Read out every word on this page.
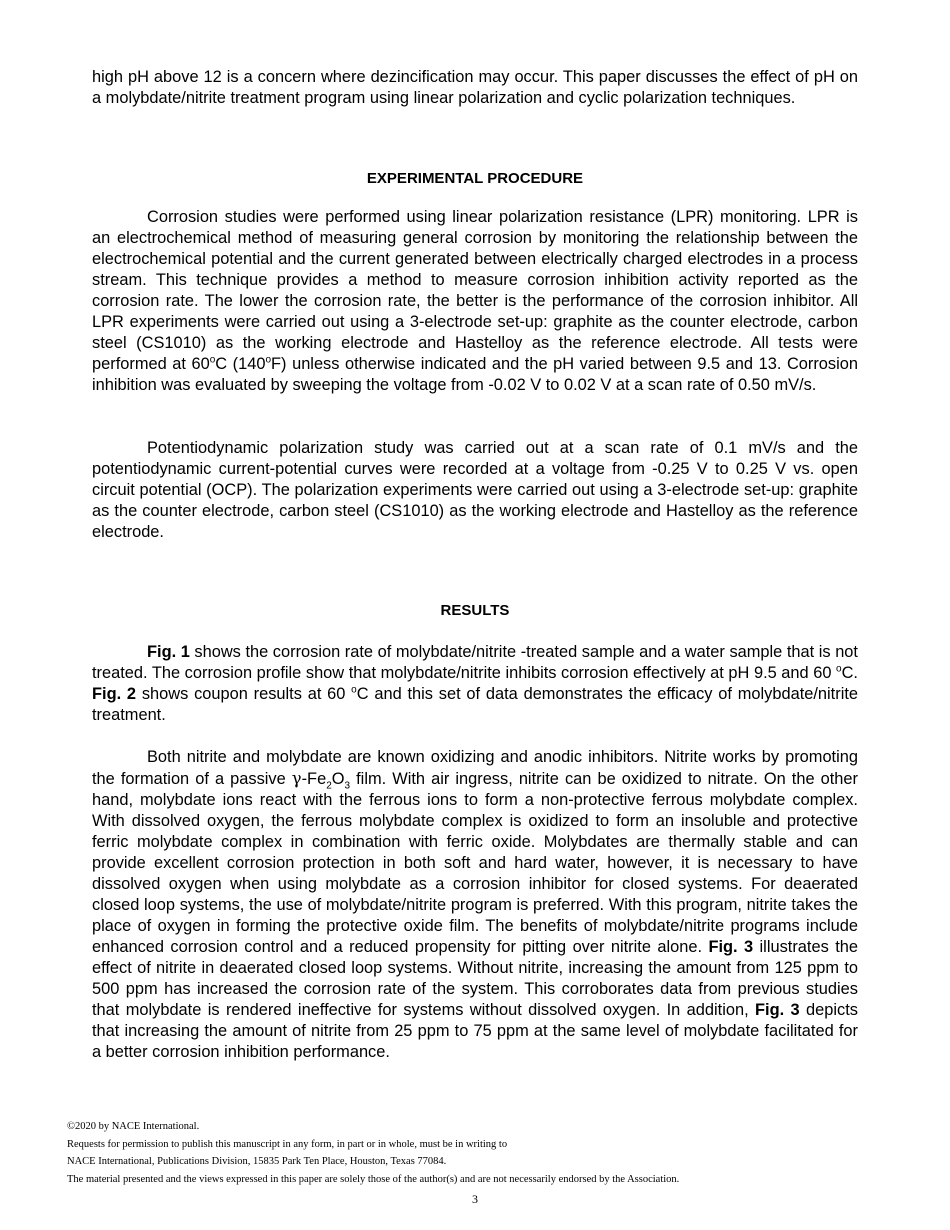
high pH above 12 is a concern where dezincification may occur. This paper discusses the effect of pH on a molybdate/nitrite treatment program using linear polarization and cyclic polarization techniques.

EXPERIMENTAL PROCEDURE

Corrosion studies were performed using linear polarization resistance (LPR) monitoring. LPR is an electrochemical method of measuring general corrosion by monitoring the relationship between the electrochemical potential and the current generated between electrically charged electrodes in a process stream. This technique provides a method to measure corrosion inhibition activity reported as the corrosion rate. The lower the corrosion rate, the better is the performance of the corrosion inhibitor. All LPR experiments were carried out using a 3-electrode set-up: graphite as the counter electrode, carbon steel (CS1010) as the working electrode and Hastelloy as the reference electrode. All tests were performed at 60$^o$C (140$^o$F) unless otherwise indicated and the pH varied between 9.5 and 13. Corrosion inhibition was evaluated by sweeping the voltage from -0.02 V to 0.02 V at a scan rate of 0.50 mV/s.

Potentiodynamic polarization study was carried out at a scan rate of 0.1 mV/s and the potentiodynamic current-potential curves were recorded at a voltage from -0.25 V to 0.25 V vs. open circuit potential (OCP). The polarization experiments were carried out using a 3-electrode set-up: graphite as the counter electrode, carbon steel (CS1010) as the working electrode and Hastelloy as the reference electrode.

RESULTS

Fig. 1 shows the corrosion rate of molybdate/nitrite -treated sample and a water sample that is not treated. The corrosion profile show that molybdate/nitrite inhibits corrosion effectively at pH 9.5 and 60 $^o$C. Fig. 2 shows coupon results at 60 $^o$C and this set of data demonstrates the efficacy of molybdate/nitrite treatment.

Both nitrite and molybdate are known oxidizing and anodic inhibitors. Nitrite works by promoting the formation of a passive $\gamma-Fe_2O_3$ film. With air ingress, nitrite can be oxidized to nitrate. On the other hand, molybdate ions react with the ferrous ions to form a non-protective ferrous molybdate complex. With dissolved oxygen, the ferrous molybdate complex is oxidized to form an insoluble and protective ferric molybdate complex in combination with ferric oxide. Molybdates are thermally stable and can provide excellent corrosion protection in both soft and hard water, however, it is necessary to have dissolved oxygen when using molybdate as a corrosion inhibitor for closed systems. For deaerated closed loop systems, the use of molybdate/nitrite program is preferred. With this program, nitrite takes the place of oxygen in forming the protective oxide film. The benefits of molybdate/nitrite programs include enhanced corrosion control and a reduced propensity for pitting over nitrite alone. Fig. 3 illustrates the effect of nitrite in deaerated closed loop systems. Without nitrite, increasing the amount from 125 ppm to 500 ppm has increased the corrosion rate of the system. This corroborates data from previous studies that molybdate is rendered ineffective for systems without dissolved oxygen. In addition, Fig. 3 depicts that increasing the amount of nitrite from 25 ppm to 75 ppm at the same level of molybdate facilitated for a better corrosion inhibition performance.

©2020 by NACE International.
Requests for permission to publish this manuscript in any form, in part or in whole, must be in writing to
NACE International, Publications Division, 15835 Park Ten Place, Houston, Texas 77084.
The material presented and the views expressed in this paper are solely those of the author(s) and are not necessarily endorsed by the Association.
3
